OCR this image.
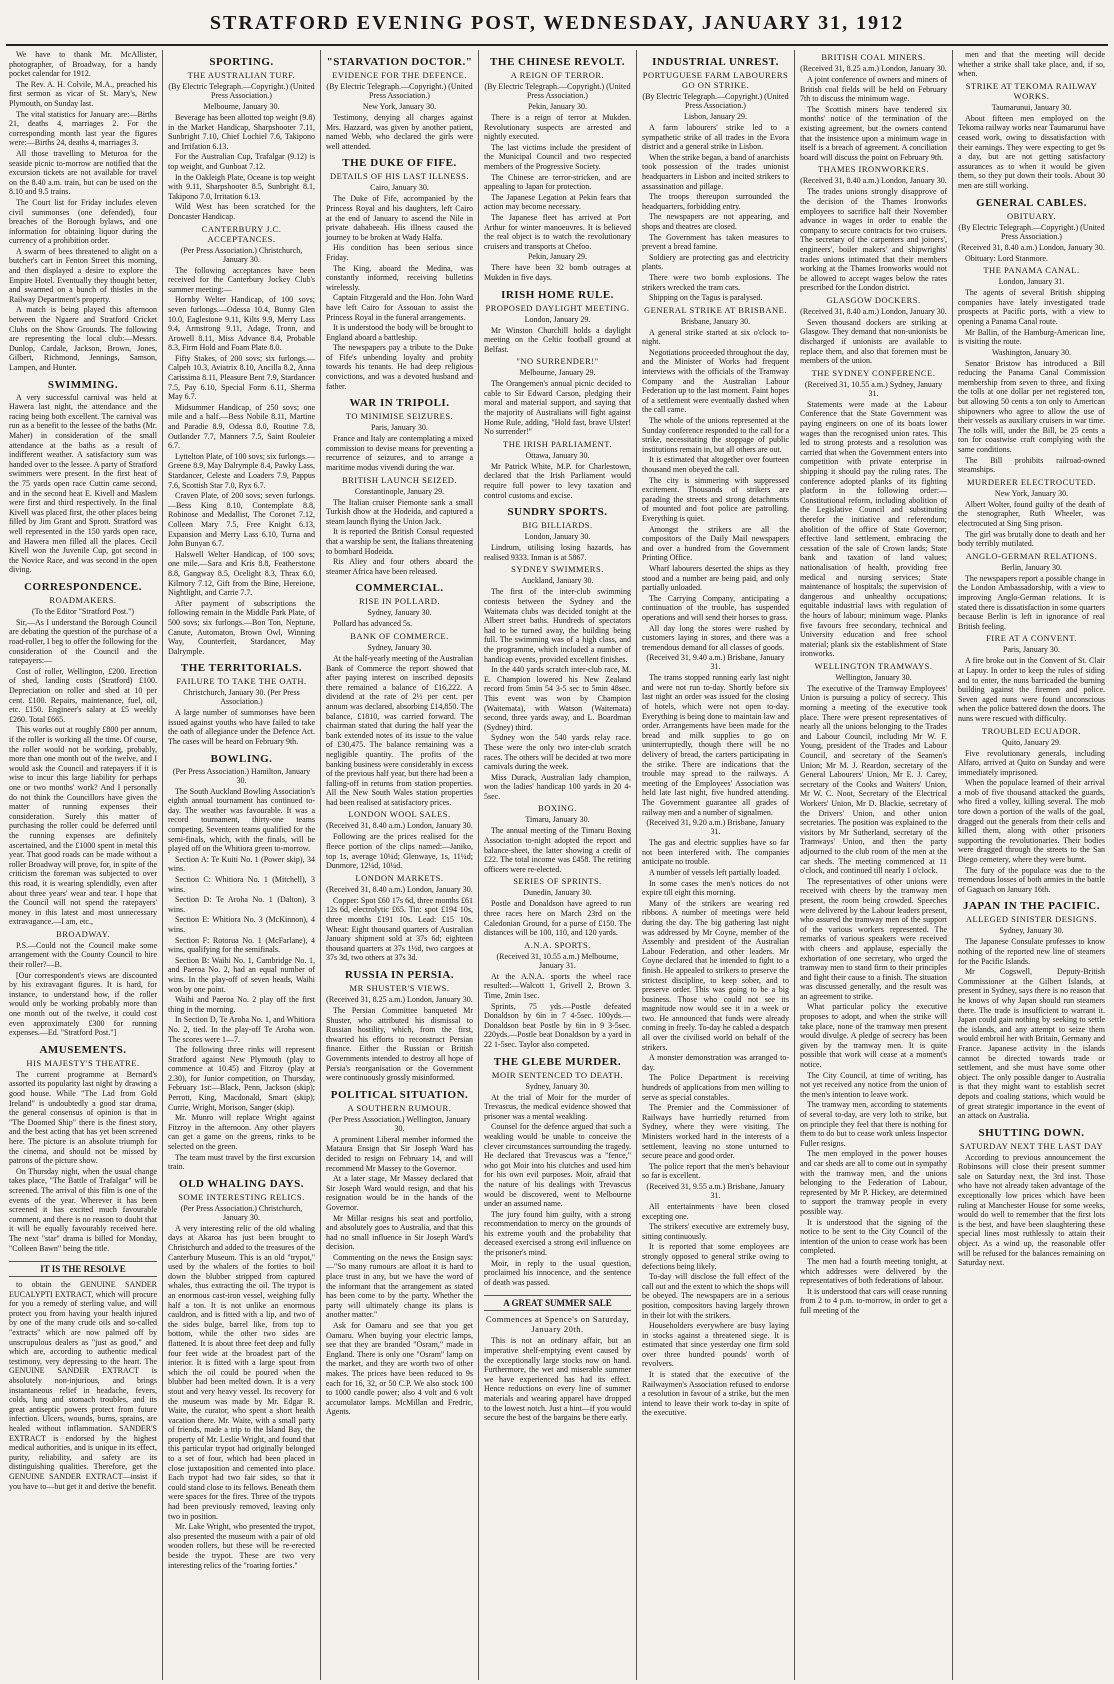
STRATFORD EVENING POST, WEDNESDAY, JANUARY 31, 1912

We have to thank Mr. McAllister, photographer, of Broadway, for a handy pocket calendar for 1912.

The Rev. A. H. Colvile, M.A., preached his first sermon as vicar of St. Mary's, New Plymouth, on Sunday last.

The vital statistics for January are:—Births 21, deaths 4, marriages 2. For the corresponding month last year the figures were:—Births 24, deaths 4, marriages 3.

All those travelling to Meturoa for the seaside picnic to-morrow are notified that the excursion tickets are not available for travel on the 8.40 a.m. train, but can be used on the 8.10 and 9.5 trains.

The Court list for Friday includes eleven civil summonses (one defended), four breaches of the Borough bylaws, and one information for obtaining liquor during the currency of a prohibition order.

A swarm of bees threatened to alight on a butcher's cart in Fenton Street this morning, and then displayed a desire to explore the Empire Hotel. Eventually they thought better, and swarmed on a bunch of thistles in the Railway Department's property.

A match is being played this afternoon between the Ngaere and Stratford Cricket Clubs on the Show Grounds. The following are representing the local club:—Messrs. Dunlop, Cardale, Jackson, Brown, Jones, Gilbert, Richmond, Jennings, Samson, Lampen, and Hunter.

SWIMMING.

A very successful carnival was held at Hawera last night, the attendance and the racing being both excellent. The carnival was run as a benefit to the lessee of the baths (Mr. Maher) in consideration of the small attendance at the baths as a result of indifferent weather. A satisfactory sum was handed over to the lessee. A party of Stratford swimmers were present. In the first heat of the 75 yards open race Cuttin came second, and in the second heat E. Kivell and Maslem were first and third respectively. In the final Kivell was placed first, the other places being filled by Jim Grant and Sprott. Stratford was well represented in the 150 yards open race, and Hawera men filled all the places. Cecil Kivell won the Juvenile Cup, got second in the Novice Race, and was second in the open diving.

CORRESPONDENCE.
ROADMAKERS.
(To the Editor "Stratford Post.")

Sir,—As I understand the Borough Council are debating the question of the purchase of a road-roller, I beg to offer the following for the consideration of the Council and the ratepayers:—

Cost of roller, Wellington, £200. Erection of shed, landing costs (Stratford) £100. Depreciation on roller and shed at 10 per cent. £100. Repairs, maintenance, fuel, oil, etc. £150. Engineer's salary at £5 weekly £260. Total £665.

This works out at roughly £800 per annum, if the roller is working all the time. Of course, the roller would not be working, probably, more than one month out of the twelve, and I would ask the Council and ratepayers if it is wise to incur this large liability for perhaps one or two months' work? And I personally do not think the Councillors have given the matter of running expenses their consideration. Surely this matter of purchasing the roller could be deferred until the running expenses are definitely ascertained, and the £1000 spent in metal this year. That good roads can be made without a roller Broadway will prove, for, in spite of the criticism the foreman was subjected to over this road, it is wearing splendidly, even after about three years' wear and tear. I hope that the Council will not spend the ratepayers' money in this latest and most unnecessary extravagance.—I am, etc.,

BROADWAY.

P.S.—Could not the Council make some arrangement with the County Council to hire their roller?—B.

[Our correspondent's views are discounted by his extravagant figures. It is hard, for instance, to understand how, if the roller would only be working probably more than one month out of the twelve, it could cost even approximately £300 for running expenses.—Ed. "Stratford Post."]

AMUSEMENTS.
HIS MAJESTY'S THEATRE.

The current programme at Bernard's assorted its popularity last night by drawing a good house. While "The Lad from Gold Ireland" is undoubtedly a good star drama, the general consensus of opinion is that in "The Doomed Ship" there is the finest story, and the best acting that has yet been screened here. The picture is an absolute triumph for the cinema, and should not be missed by patrons of the picture show.

On Thursday night, when the usual change takes place, "The Battle of Trafalgar" will be screened. The arrival of this film is one of the events of the year. Wherever it has been screened it has excited much favourable comment, and there is no reason to doubt that it will be equally favourably received here. The next "star" drama is billed for Monday, "Colleen Bawn" being the title.

IT IS THE RESOLVE

to obtain the GENUINE SANDER EUCALYPTI EXTRACT, which will procure for you a remedy of sterling value, and will protect you from having your health injured by one of the many crude oils and so-called "extracts" which are now palmed off by unscrupulous dealers as "just as good," and which are, according to authentic medical testimony, very depressing to the heart. The GENUINE SANDER EXTRACT is absolutely non-injurious, and brings instantaneous relief in headache, fevers, colds, lung and stomach troubles, and its great antiseptic powers protect from future infection. Ulcers, wounds, burns, sprains, are healed without inflammation. SANDER'S EXTRACT is endorsed by the highest medical authorities, and is unique in its effect, purity, reliability, and safety are its distinguishing qualities. Therefore, get the GENUINE SANDER EXTRACT—insist if you have to—but get it and derive the benefit.

SPORTING.
THE AUSTRALIAN TURF.
(By Electric Telegraph.—Copyright.) (United Press Association.)
Melbourne, January 30.

Beverage has been allotted top weight (9.8) in the Market Handicap, Sharpshooter 7.11, Sunbright 7.10, Chief Lochiel 7.6, Takipono and Irrifation 6.13.

For the Australian Cup, Trafalgar (9.12) is top weight, and Gunboat 7.12.

In the Oakleigh Plate, Oceane is top weight with 9.11, Sharpshooter 8.5, Sunbright 8.1, Takipono 7.0, Irritation 6.13.

Wild West has been scratched for the Doncaster Handicap.

CANTERBURY J.C. ACCEPTANCES.
(Per Press Association.) Christchurch, January 30.

The following acceptances have been received for the Canterbury Jockey Club's summer meeting:—

Hornby Welter Handicap, of 100 sovs; seven furlongs.—Odessa 10.4, Bunny Glen 10.0, Eaglestone 9.11, Kilts 9.9, Merry Lass 9.4, Armstrong 9.11, Adage, Tronn, and Arowell 8.11, Miss Advance 8.4, Probable 8.3, Firm Hold and Foam Plate 8.0.

Fifty Stakes, of 200 sovs; six furlongs.—Calpeh 10.3, Aviatrix 8.10, Ancilla 8.2, Anna Carissima 8.11, Pleasure Bent 7.9, Stardancer 7.5, Pay 6.10, Special Form 6.11, Sherma May 6.7.

Midsummer Handicap, of 250 sovs; one mile and a half.—Bess Nobile 8.11, Martine and Paradie 8.9, Odessa 8.0, Routine 7.8, Outlander 7.7, Manners 7.5, Saint Rouleier 6.7.

Lyttelton Plate, of 100 sovs; six furlongs.—Greene 8.9, May Dalrymple 8.4, Pawky Lass, Stardancer, Celeste and Loaders 7.9, Pappus 7.6, Scottish Star 7.0, Ryx 6.7.

Craven Plate, of 200 sovs; seven furlongs.—Bess King 8.10, Contemplate 8.8, Robinose and Medallist, The Coronet 7.12, Colleen Mary 7.5, Free Knight 6.13, Expansion and Merry Lass 6.10, Turna and John Bunyan 6.7.

Halswell Welter Handicap, of 100 sovs; one mile.—Sara and Kris 8.8, Featherstone 8.8, Gangway 8.5, Ocelight 8.3, Thrax 6.0, Kilmory 7.12, Gift from the Bine, Hereione, Nightlight, and Carrie 7.7.

After payment of subscriptions the following remain in the Middle Park Plate, of 500 sovs; six furlongs.—Bon Ton, Neptune, Canute, Automaton, Brown Owl, Winning Way, Counterfeit, Stardancer, May Dalrymple.

THE TERRITORIALS.
FAILURE TO TAKE THE OATH.
Christchurch, January 30. (Per Press Association.)

A large number of summonses have been issued against youths who have failed to take the oath of allegiance under the Defence Act. The cases will be heard on February 9th.

BOWLING.
(Per Press Association.) Hamilton, January 30.

The South Auckland Bowling Association's eighth annual tournament has continued to-day. The weather was favourable. It was a record tournament, thirty-one teams competing. Seventeen teams qualified for the semi-finals, which, with the finals, will be played off on the Whitiora green to-morrow.

Section A: Te Kuiti No. 1 (Power skip), 34 wins.

Section C: Whitiora No. 1 (Mitchell), 3 wins.

Section D: Te Aroha No. 1 (Dalton), 3 wins.

Section E: Whitiora No. 3 (McKinnon), 4 wins.

Section F: Rotorua No. 1 (McFarlane), 4 wins, qualifying for the semifinals.

Section B: Waihi No. 1, Cambridge No. 1, and Paeroa No. 2, had an equal number of wins. In the play-off of seven heads, Waihi won by one point.

Waihi and Paeroa No. 2 play off the first thing in the morning.

In Section D, Te Aroha No. 1, and Whitiora No. 2, tied. In the play-off Te Aroha won. The scores were 1—7.

The following three rinks will represent Stratford against New Plymouth (play to commence at 10.45) and Fitzroy (play at 2.30), for Junior competition, on Thursday, February 1st:—Black, Penn, Jackson (skip); Perrott, King, Macdonald, Smart (skip); Currie, Wright, Morison, Sanger (skip).

Mr. Munro will replace Wright against Fitzroy in the afternoon. Any other players can get a game on the greens, rinks to be selected on the green.

The team must travel by the first excursion train.

OLD WHALING DAYS.
SOME INTERESTING RELICS.
(Per Press Association.) Christchurch, January 30.

A very interesting relic of the old whaling days at Akaroa has just been brought to Christchurch and added to the treasures of the Canterbury Museum. This is an old "trypot," used by the whalers of the forties to boil down the blubber stripped from captured whales, thus extracting the oil. The trypot is an enormous cast-iron vessel, weighing fully half a ton. It is not unlike an enormous cauldron, and is fitted with a lip, and two of the sides bulge, barrel like, from top to bottom, while the other two sides are flattened. It is about three feet deep and fully four feet wide at the broadest part of the interior. It is fitted with a large spout from which the oil could be poured when the blubber had been melted down. It is a very stout and very heavy vessel. Its recovery for the museum was made by Mr. Edgar R. Waite, the curator, who spent a short health vacation there. Mr. Waite, with a small party of friends, made a trip to the Island Bay, the property of Mr. Leslie Wright, and found that this particular trypot had originally belonged to a set of four, which had been placed in close juxtaposition and cemented into place. Each trypot had two fair sides, so that it could stand close to its fellows. Beneath them were spaces for the fires. Three of the trypots had been previously removed, leaving only two in position.

Mr. Lake Wright, who presented the trypot, also presented the museum with a pair of old wooden rollers, but these will be re-erected beside the trypot. These are two very interesting relics of the "roaring forties."

"STARVATION DOCTOR."
EVIDENCE FOR THE DEFENCE.
(By Electric Telegraph.—Copyright.) (United Press Association.)
New York, January 30.

Testimony, denying all charges against Mrs. Hazzard, was given by another patient, named Webb, who declared the girls were well attended.

THE DUKE OF FIFE.
DETAILS OF HIS LAST ILLNESS.
Cairo, January 30.

The Duke of Fife, accompanied by the Princess Royal and his daughters, left Cairo at the end of January to ascend the Nile in private dahabeeah. His illness caused the journey to be broken at Wady Halfa.

His condition has been serious since Friday.

The King, aboard the Medina, was constantly informed, receiving bulletins wirelessly.

Captain Fitzgerald and the Hon. John Ward have left Cairo for Assouan to assist the Princess Royal in the funeral arrangements.

It is understood the body will be brought to England aboard a battleship.

The newspapers pay a tribute to the Duke of Fife's unbending loyalty and probity towards his tenants. He had deep religious convictions, and was a devoted husband and father.

WAR IN TRIPOLI.
TO MINIMISE SEIZURES.
Paris, January 30.

France and Italy are contemplating a mixed commission to devise means for preventing a recurrence of seizures, and to arrange a maritime modus vivendi during the war.

BRITISH LAUNCH SEIZED.
Constantinople, January 29.

The Italian cruiser Piemonte sank a small Turkish dhow at the Hodeida, and captured a steam launch flying the Union Jack.

It is reported the British Consul requested that a warship be sent, the Italians threatening to bombard Hodeida.

Ris Aliey and four others aboard the steamer Africa have been released.

COMMERCIAL.
RISE IN POLLARD.
Sydney, January 30.

Pollard has advanced 5s.

BANK OF COMMERCE.
Sydney, January 30.

At the half-yearly meeting of the Australian Bank of Commerce the report showed that after paying interest on inscribed deposits there remained a balance of £16,222. A dividend at the rate of 2½ per cent. per annum was declared, absorbing £14,850. The balance, £1810, was carried forward. The chairman stated that during the half year the bank extended notes of its issue to the value of £30,475. The balance remaining was a negligible quantity. The profits of the banking business were considerably in excess of the previous half year, but there had been a falling-off in returns from station properties. All the New South Wales station properties had been realised at satisfactory prices.

LONDON WOOL SALES.
(Received 31, 8.40 a.m.) London, January 30.

Following are the prices realised for the fleece portion of the clips named:—Janiko, top 1s, average 10¼d; Glenwaye, 1s, 11¼d; Dunmore, 12¼d, 10¼d.

LONDON MARKETS.
(Received 31, 8.40 a.m.) London, January 30.

Copper: Spot £60 17s 6d, three months £61 12s 6d, electrolytic £65. Tin: spot £194 10s, three months £191 10s. Lead: £15 10s. Wheat: Eight thousand quarters of Australian January shipment sold at 37s 6d; eighteen thousand quarters at 37s 1½d, two cargoes at 37s 3d, two others at 37s 3d.

RUSSIA IN PERSIA.
MR SHUSTER'S VIEWS.
(Received 31, 8.25 a.m.) London, January 30.

The Persian Committee banqueted Mr Shuster, who attributed his dismissal to Russian hostility, which, from the first, thwarted his efforts to reconstruct Persian finance. Either the Russian or British Governments intended to destroy all hope of Persia's reorganisation or the Government were continuously grossly misinformed.

POLITICAL SITUATION.
A SOUTHERN RUMOUR.
(Per Press Association.) Wellington, January 30.

A prominent Liberal member informed the Mataura Ensign that Sir Joseph Ward has decided to resign on February 14, and will recommend Mr Massey to the Governor.

At a later stage, Mr Massey declared that Sir Joseph Ward would resign, and that his resignation would be in the hands of the Governor.

Mr Millar resigns his seat and portfolio, and absolutely goes to Australia, and that this had no small influence in Sir Joseph Ward's decision.

Commenting on the news the Ensign says:—"So many rumours are afloat it is hard to place trust in any, but we have the word of the informant that the arrangement as stated has been come to by the party. Whether the party will ultimately change its plans is another matter."

Ask for Oamaru and see that you get Oamaru. When buying your electric lamps, see that they are branded "Osram," made in England. There is only one "Osram" lamp on the market, and they are worth two of other makes. The prices have been reduced to 9s each for 16, 32, or 50 C.P. We also stock 100 to 1000 candle power; also 4 volt and 6 volt accumulator lamps. McMillan and Fredric, Agents.

THE CHINESE REVOLT.
A REIGN OF TERROR.
(By Electric Telegraph.—Copyright.) (United Press Association.)
Pekin, January 30.

There is a reign of terror at Mukden. Revolutionary suspects are arrested and nightly executed.

The last victims include the president of the Municipal Council and two respected members of the Progressive Society.

The Chinese are terror-stricken, and are appealing to Japan for protection.

The Japanese Legation at Pekin fears that action may become necessary.

The Japanese fleet has arrived at Port Arthur for winter manoeuvres. It is believed the real object is to watch the revolutionary cruisers and transports at Chefoo.

Pekin, January 29.

There have been 32 bomb outrages at Mukden in five days.

IRISH HOME RULE.
PROPOSED DAYLIGHT MEETING.
London, January 29.

Mr Winston Churchill holds a daylight meeting on the Celtic football ground at Belfast.

"NO SURRENDER!"
Melbourne, January 29.

The Orangemen's annual picnic decided to cable to Sir Edward Carson, pledging their moral and material support, and saying that the majority of Australians will fight against Home Rule, adding, "Hold fast, brave Ulster! No surrender!"

THE IRISH PARLIAMENT.
Ottawa, January 30.

Mr Patrick White, M.P. for Charlestown, declared that the Irish Parliament would require full power to levy taxation and control customs and excise.

SUNDRY SPORTS.
BIG BILLIARDS.
London, January 30.

Lindrum, utilising losing hazards, has realised 9333. Inman is at 5867.

SYDNEY SWIMMERS.
Auckland, January 30.

The first of the inter-club swimming contests between the Sydney and the Waitemata clubs was decided tonight at the Albert street baths. Hundreds of spectators had to be turned away, the building being full. The swimming was of a high class, and the programme, which included a number of handicap events, provided excellent finishes.

In the 440 yards scratch inter-club race, M. E. Champion lowered his New Zealand record from 5min 54 3-5 sec to 5min 48sec. This event was won by Champion (Waitemata), with Watson (Waitemata) second, three yards away, and L. Boardman (Sydney) third.

Sydney won the 540 yards relay race. These were the only two inter-club scratch races. The others will be decided at two more carnivals during the week.

Miss Durack, Australian lady champion, won the ladies' handicap 100 yards in 20 4-5sec.

BOXING.
Timaru, January 30.

The annual meeting of the Timaru Boxing Association to-night adopted the report and balance-sheet, the latter showing a credit of £22. The total income was £458. The retiring officers were re-elected.

SERIES OF SPRINTS.
Dunedin, January 30.

Postle and Donaldson have agreed to run three races here on March 23rd on the Caledonian Ground, for a purse of £150. The distances will be 100, 110, and 120 yards.

A.N.A. SPORTS.
(Received 31, 10.55 a.m.) Melbourne, January 31.

At the A.N.A. sports the wheel race resulted:—Walcott 1, Grivell 2, Brown 3. Time, 2min 1sec.

Sprints, 75 yds.—Postle defeated Donaldson by 6in in 7 4-5sec. 100yds.—Donaldson beat Postle by 6in in 9 3-5sec. 220yds.—Postle beat Donaldson by a yard in 22 1-5sec. Taylor also competed.

THE GLEBE MURDER.
MOIR SENTENCED TO DEATH.
Sydney, January 30.

At the trial of Moir for the murder of Trevascus, the medical evidence showed that prisoner was a mental weakling.

Counsel for the defence argued that such a weakling would be unable to conceive the clever circumstances surrounding the tragedy. He declared that Trevascus was a "fence," who got Moir into his clutches and used him for his own evil purposes. Moir, afraid that the nature of his dealings with Trevascus would be discovered, went to Melbourne under an assumed name.

The jury found him guilty, with a strong recommendation to mercy on the grounds of his extreme youth and the probability that deceased exercised a strong evil influence on the prisoner's mind.

Moir, in reply to the usual question, proclaimed his innocence, and the sentence of death was passed.

A GREAT SUMMER SALE
Commences at Spence's on Saturday, January 20th.

This is not an ordinary affair, but an imperative shelf-emptying event caused by the exceptionally large stocks now on hand. Furthermore, the wet and miserable summer we have experienced has had its effect. Hence reductions on every line of summer materials and wearing apparel have dropped to the lowest notch. Just a hint—if you would secure the best of the bargains be there early.

INDUSTRIAL UNREST.
PORTUGUESE FARM LABOURERS GO ON STRIKE.
(By Electric Telegraph.—Copyright.) (United Press Association.)
Lisbon, January 29.

A farm labourers' strike led to a sympathetic strike of all trades in the Evora district and a general strike in Lisbon.

When the strike began, a band of anarchists took possession of the trades unionist headquarters in Lisbon and incited strikers to assassination and pillage.

The troops thereupon surrounded the headquarters, forbidding entry.

The newspapers are not appearing, and shops and theatres are closed.

The Government has taken measures to prevent a bread famine.

Soldiery are protecting gas and electricity plants.

There were two bomb explosions. The strikers wrecked the tram cars.

Shipping on the Tagus is paralysed.

GENERAL STRIKE AT BRISBANE.
Brisbane, January 30.

A general strike started at six o'clock to-night.

Negotiations proceeded throughout the day, and the Minister of Works had frequent interviews with the officials of the Tramway Company and the Australian Labour Federation up to the last moment. Faint hopes of a settlement were eventually dashed when the call came.

The whole of the unions represented at the Sunday conference responded to the call for a strike, necessitating the stoppage of public institutions remain in, but all others are out.

It is estimated that altogether over fourteen thousand men obeyed the call.

The city is simmering with suppressed excitement. Thousands of strikers are parading the streets and strong detachments of mounted and foot police are patrolling. Everything is quiet.

Amongst the strikers are all the compositors of the Daily Mail newspapers and over a hundred from the Government Printing Office.

Wharf labourers deserted the ships as they stood and a number are being paid, and only partially unloaded.

The Carrying Company, anticipating a continuation of the trouble, has suspended operations and will send their horses to grass.

All day long the stores were rushed by customers laying in stores, and there was a tremendous demand for all classes of goods.

(Received 31, 9.40 a.m.) Brisbane, January 31.

The trams stopped running early last night and were not run to-day. Shortly before six last night an order was issued for the closing of hotels, which were not open to-day. Everything is being done to maintain law and order. Arrangements have been made for the bread and milk supplies to go on uninterruptedly, though there will be no delivery of bread, the carters participating in the strike. There are indications that the trouble may spread to the railways. A meeting of the Employees' Association was held late last night, five hundred attending. The Government guarantee all grades of railway men and a number of signalmen.

(Received 31, 9.20 a.m.) Brisbane, January 31.

The gas and electric supplies have so far not been interfered with. The companies anticipate no trouble.

A number of vessels left partially loaded.

In some cases the men's notices do not expire till eight this morning.

Many of the strikers are wearing red ribbons. A number of meetings were held during the day. The big gathering last night was addressed by Mr Coyne, member of the Assembly and president of the Australian Labour Federation, and other leaders. Mr Coyne declared that he intended to fight to a finish. He appealed to strikers to preserve the strictest discipline, to keep sober, and to preserve order. This was going to be a big business. Those who could not see its magnitude now would see it in a week or two. He announced that funds were already coming in freely. To-day he cabled a despatch all over the civilised world on behalf of the strikers.

A monster demonstration was arranged to-day.

The Police Department is receiving hundreds of applications from men willing to serve as special constables.

The Premier and the Commissioner of Railways have hurriedly returned from Sydney, where they were visiting. The Ministers worked hard in the interests of a settlement, leaving no stone unturned to secure peace and good order.

The police report that the men's behaviour so far is excellent.

(Received 31, 9.55 a.m.) Brisbane, January 31.

All entertainments have been closed excepting one.

The strikers' executive are extremely busy, sitting continuously.

It is reported that some employees are strongly opposed to general strike owing to defections being likely.

To-day will disclose the full effect of the call out and the extent to which the shops will be obeyed. The newspapers are in a serious position, compositors having largely thrown in their lot with the strikers.

Householders everywhere are busy laying in stocks against a threatened siege. It is estimated that since yesterday one firm sold over three hundred pounds' worth of revolvers.

It is stated that the executive of the Railwaymen's Association refused to endorse a resolution in favour of a strike, but the men intend to leave their work to-day in spite of the executive.

BRITISH COAL MINERS.
(Received 31, 8.25 a.m.) London, January 30.

A joint conference of owners and miners of British coal fields will be held on February 7th to discuss the minimum wage.

The Scottish miners have tendered six months' notice of the termination of the existing agreement, but the owners contend that the insistence upon a minimum wage in itself is a breach of agreement. A conciliation board will discuss the point on February 9th.

THAMES IRONWORKERS.
(Received 31, 8.40 a.m.) London, January 30.

The trades unions strongly disapprove of the decision of the Thames Ironworks employees to sacrifice half their November advance in wages in order to enable the company to secure contracts for two cruisers. The secretary of the carpenters and joiners', engineers', boiler makers' and shipwrights' trades unions intimated that their members working at the Thames Ironworks would not be allowed to accept wages below the rates prescribed for the London district.

GLASGOW DOCKERS.
(Received 31, 8.40 a.m.) London, January 30.

Seven thousand dockers are striking at Glasgow. They demand that non-unionists be discharged if unionists are available to replace them, and also that foremen must be members of the union.

THE SYDNEY CONFERENCE.
(Received 31, 10.55 a.m.) Sydney, January 31.

Statements were made at the Labour Conference that the State Government was paying engineers on one of its boats lower wages than the recognised union rates. This led to strong protests and a resolution was carried that when the Government enters into competition with private enterprise in shipping it should pay the ruling rates. The conference adopted planks of its fighting platform in the following order:—Constitutional reform, including abolition of the Legislative Council and substituting therefor the initiative and referendum; abolition of the office of State Governor; effective land settlement, embracing the cessation of the sale of Crown lands; State bank and taxation of land values; nationalisation of health, providing free medical and nursing services; State maintenance of hospitals; the supervision of dangerous and unhealthy occupations; equitable industrial laws with regulation of the hours of labour; minimum wage. Planks five favours free secondary, technical and University education and free school material; plank six the establishment of State ironworks.

WELLINGTON TRAMWAYS.
Wellington, January 30.

The executive of the Tramway Employees' Union is pursuing a policy of secrecy. This morning a meeting of the executive took place. There were present representatives of nearly all the unions belonging to the Trades and Labour Council, including Mr W. F. Young, president of the Trades and Labour Council, and secretary of the Seamen's Union; Mr M. J. Reardon, secretary of the General Labourers' Union, Mr E. J. Carey, secretary of the Cooks and Waiters' Union, Mr W. C. Noot, Secretary of the Electrical Workers' Union, Mr D. Blackie, secretary of the Drivers' Union, and other union secretaries. The position was explained to the visitors by Mr Sutherland, secretary of the Tramways' Union, and then the party adjourned to the club room of the men at the car sheds. The meeting commenced at 11 o'clock, and continued till nearly 1 o'clock.

The representatives of other unions were received with cheers by the tramway men present, the room being crowded. Speeches were delivered by the Labour leaders present, who assured the tramway men of the support of the various workers represented. The remarks of various speakers were received with cheers and applause, especially the exhortation of one secretary, who urged the tramway men to stand firm to their principles and fight their cause to a finish. The situation was discussed generally, and the result was an agreement to strike.

What particular policy the executive proposes to adopt, and when the strike will take place, none of the tramway men present would divulge. A pledge of secrecy has been given by the tramway men. It is quite possible that work will cease at a moment's notice.

The City Council, at time of writing, has not yet received any notice from the union of the men's intention to leave work.

The tramway men, according to statements of several to-day, are very loth to strike, but on principle they feel that there is nothing for them to do but to cease work unless Inspector Fuller resigns.

The men employed in the power houses and car sheds are all to come out in sympathy with the tramway men, and the unions belonging to the Federation of Labour, represented by Mr P. Hickey, are determined to support the tramway people in every possible way.

It is understood that the signing of the notice to be sent to the City Council of the intention of the union to cease work has been completed.

The men had a fourth meeting tonight, at which addresses were delivered by the representatives of both federations of labour.

It is understood that cars will cease running from 2 to 4 p.m. to-morrow, in order to get a full meeting of the

men and that the meeting will decide whether a strike shall take place, and, if so, when.

STRIKE AT TEKOMA RAILWAY WORKS.
Taumarunui, January 30.

About fifteen men employed on the Tekoma railway works near Taumarunui have ceased work, owing to dissatisfaction with their earnings. They were expecting to get 9s a day, but are not getting satisfactory assurances as to when it would be given them, so they put down their tools. About 30 men are still working.

GENERAL CABLES.
OBITUARY.
(By Electric Telegraph.—Copyright.) (United Press Association.)
(Received 31, 8.40 a.m.) London, January 30.

Obituary: Lord Stanmore.

THE PANAMA CANAL.
London, January 31.

The agents of several British shipping companies have lately investigated trade prospects at Pacific ports, with a view to opening a Panama Canal route.

Mr Ballin, of the Hamburg-American line, is visiting the route.

Washington, January 30.

Senator Bristow has introduced a Bill reducing the Panama Canal Commission membership from seven to three, and fixing the tolls at one dollar per net registered ton, but allowing 50 cents a ton only to American shipowners who agree to allow the use of their vessels as auxiliary cruisers in war time. The tolls will, under the Bill, be 25 cents a ton for coastwise craft complying with the same conditions.

The Bill prohibits railroad-owned steamships.

MURDERER ELECTROCUTED.
New York, January 30.

Albert Wolter, found guilty of the death of the stenographer, Ruth Wheeler, was electrocuted at Sing Sing prison.

The girl was brutally done to death and her body terribly mutilated.

ANGLO-GERMAN RELATIONS.
Berlin, January 30.

The newspapers report a possible change in the London Ambassadorship, with a view to improving Anglo-German relations. It is stated there is dissatisfaction in some quarters because Berlin is left in ignorance of real British feeling.

FIRE AT A CONVENT.
Paris, January 30.

A fire broke out in the Convent of St. Clair at Lapuy. In order to keep the rules of siding and to enter, the nuns barricaded the burning building against the firemen and police. Seven aged nuns were found unconscious when the police battered down the doors. The nuns were rescued with difficulty.

TROUBLED ECUADOR.
Quito, January 29.

Five revolutionary generals, including Alfaro, arrived at Quito on Sunday and were immediately imprisoned.

When the populace learned of their arrival a mob of five thousand attacked the guards, who fired a volley, killing several. The mob tore down a portion of the walls of the goal, dragged out the generals from their cells and killed them, along with other prisoners supporting the revolutionaries. Their bodies were dragged through the streets to the San Diego cemetery, where they were burnt.

The fury of the populace was due to the tremendous losses of both armies in the battle of Gaguach on January 16th.

JAPAN IN THE PACIFIC.
ALLEGED SINISTER DESIGNS.
Sydney, January 30.

The Japanese Consulate professes to know nothing of the reported new line of steamers for the Pacific Islands.

Mr Cogswell, Deputy-British Commissioner at the Gilbert Islands, at present in Sydney, says there is no reason that he knows of why Japan should run steamers there. The trade is insufficient to warrant it. Japan could gain nothing by seeking to settle the islands, and any attempt to seize them would embroil her with Britain, Germany and France. Japanese activity in the islands cannot be directed towards trade or settlement, and she must have some other object. The only possible danger to Australia is that they might want to establish secret depots and coaling stations, which would be of great strategic importance in the event of an attack on Australia.

SHUTTING DOWN.
SATURDAY NEXT THE LAST DAY

According to previous announcement the Robinsons will close their present summer sale on Saturday next, the 3rd inst. Those who have not already taken advantage of the exceptionally low prices which have been ruling at Manchester House for some weeks, would do well to remember that the first lots is the best, and have been slaughtering these special lines most ruthlessly to attain their object. As a wind up, the reasonable offer will be refused for the balances remaining on Saturday next.
